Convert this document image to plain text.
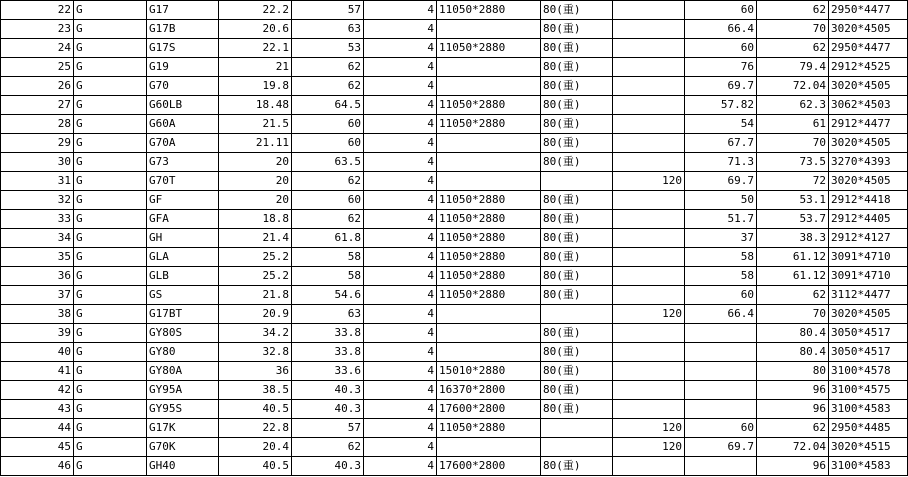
22	G	G17	22.2	57	4	11050*2880	80(重)		60	62	2950*4477
23	G	G17B	20.6	63	4		80(重)		66.4	70	3020*4505
24	G	G17S	22.1	53	4	11050*2880	80(重)		60	62	2950*4477
25	G	G19	21	62	4		80(重)		76	79.4	2912*4525
26	G	G70	19.8	62	4		80(重)		69.7	72.04	3020*4505
27	G	G60LB	18.48	64.5	4	11050*2880	80(重)		57.82	62.3	3062*4503
28	G	G60A	21.5	60	4	11050*2880	80(重)		54	61	2912*4477
29	G	G70A	21.11	60	4		80(重)		67.7	70	3020*4505
30	G	G73	20	63.5	4		80(重)		71.3	73.5	3270*4393
31	G	G70T	20	62	4			120	69.7	72	3020*4505
32	G	GF	20	60	4	11050*2880	80(重)		50	53.1	2912*4418
33	G	GFA	18.8	62	4	11050*2880	80(重)		51.7	53.7	2912*4405
34	G	GH	21.4	61.8	4	11050*2880	80(重)		37	38.3	2912*4127
35	G	GLA	25.2	58	4	11050*2880	80(重)		58	61.12	3091*4710
36	G	GLB	25.2	58	4	11050*2880	80(重)		58	61.12	3091*4710
37	G	GS	21.8	54.6	4	11050*2880	80(重)		60	62	3112*4477
38	G	G17BT	20.9	63	4			120	66.4	70	3020*4505
39	G	GY80S	34.2	33.8	4		80(重)			80.4	3050*4517
40	G	GY80	32.8	33.8	4		80(重)			80.4	3050*4517
41	G	GY80A	36	33.6	4	15010*2880	80(重)			80	3100*4578
42	G	GY95A	38.5	40.3	4	16370*2800	80(重)			96	3100*4575
43	G	GY95S	40.5	40.3	4	17600*2800	80(重)			96	3100*4583
44	G	G17K	22.8	57	4	11050*2880		120	60	62	2950*4485
45	G	G70K	20.4	62	4			120	69.7	72.04	3020*4515
46	G	GH40	40.5	40.3	4	17600*2800	80(重)			96	3100*4583
